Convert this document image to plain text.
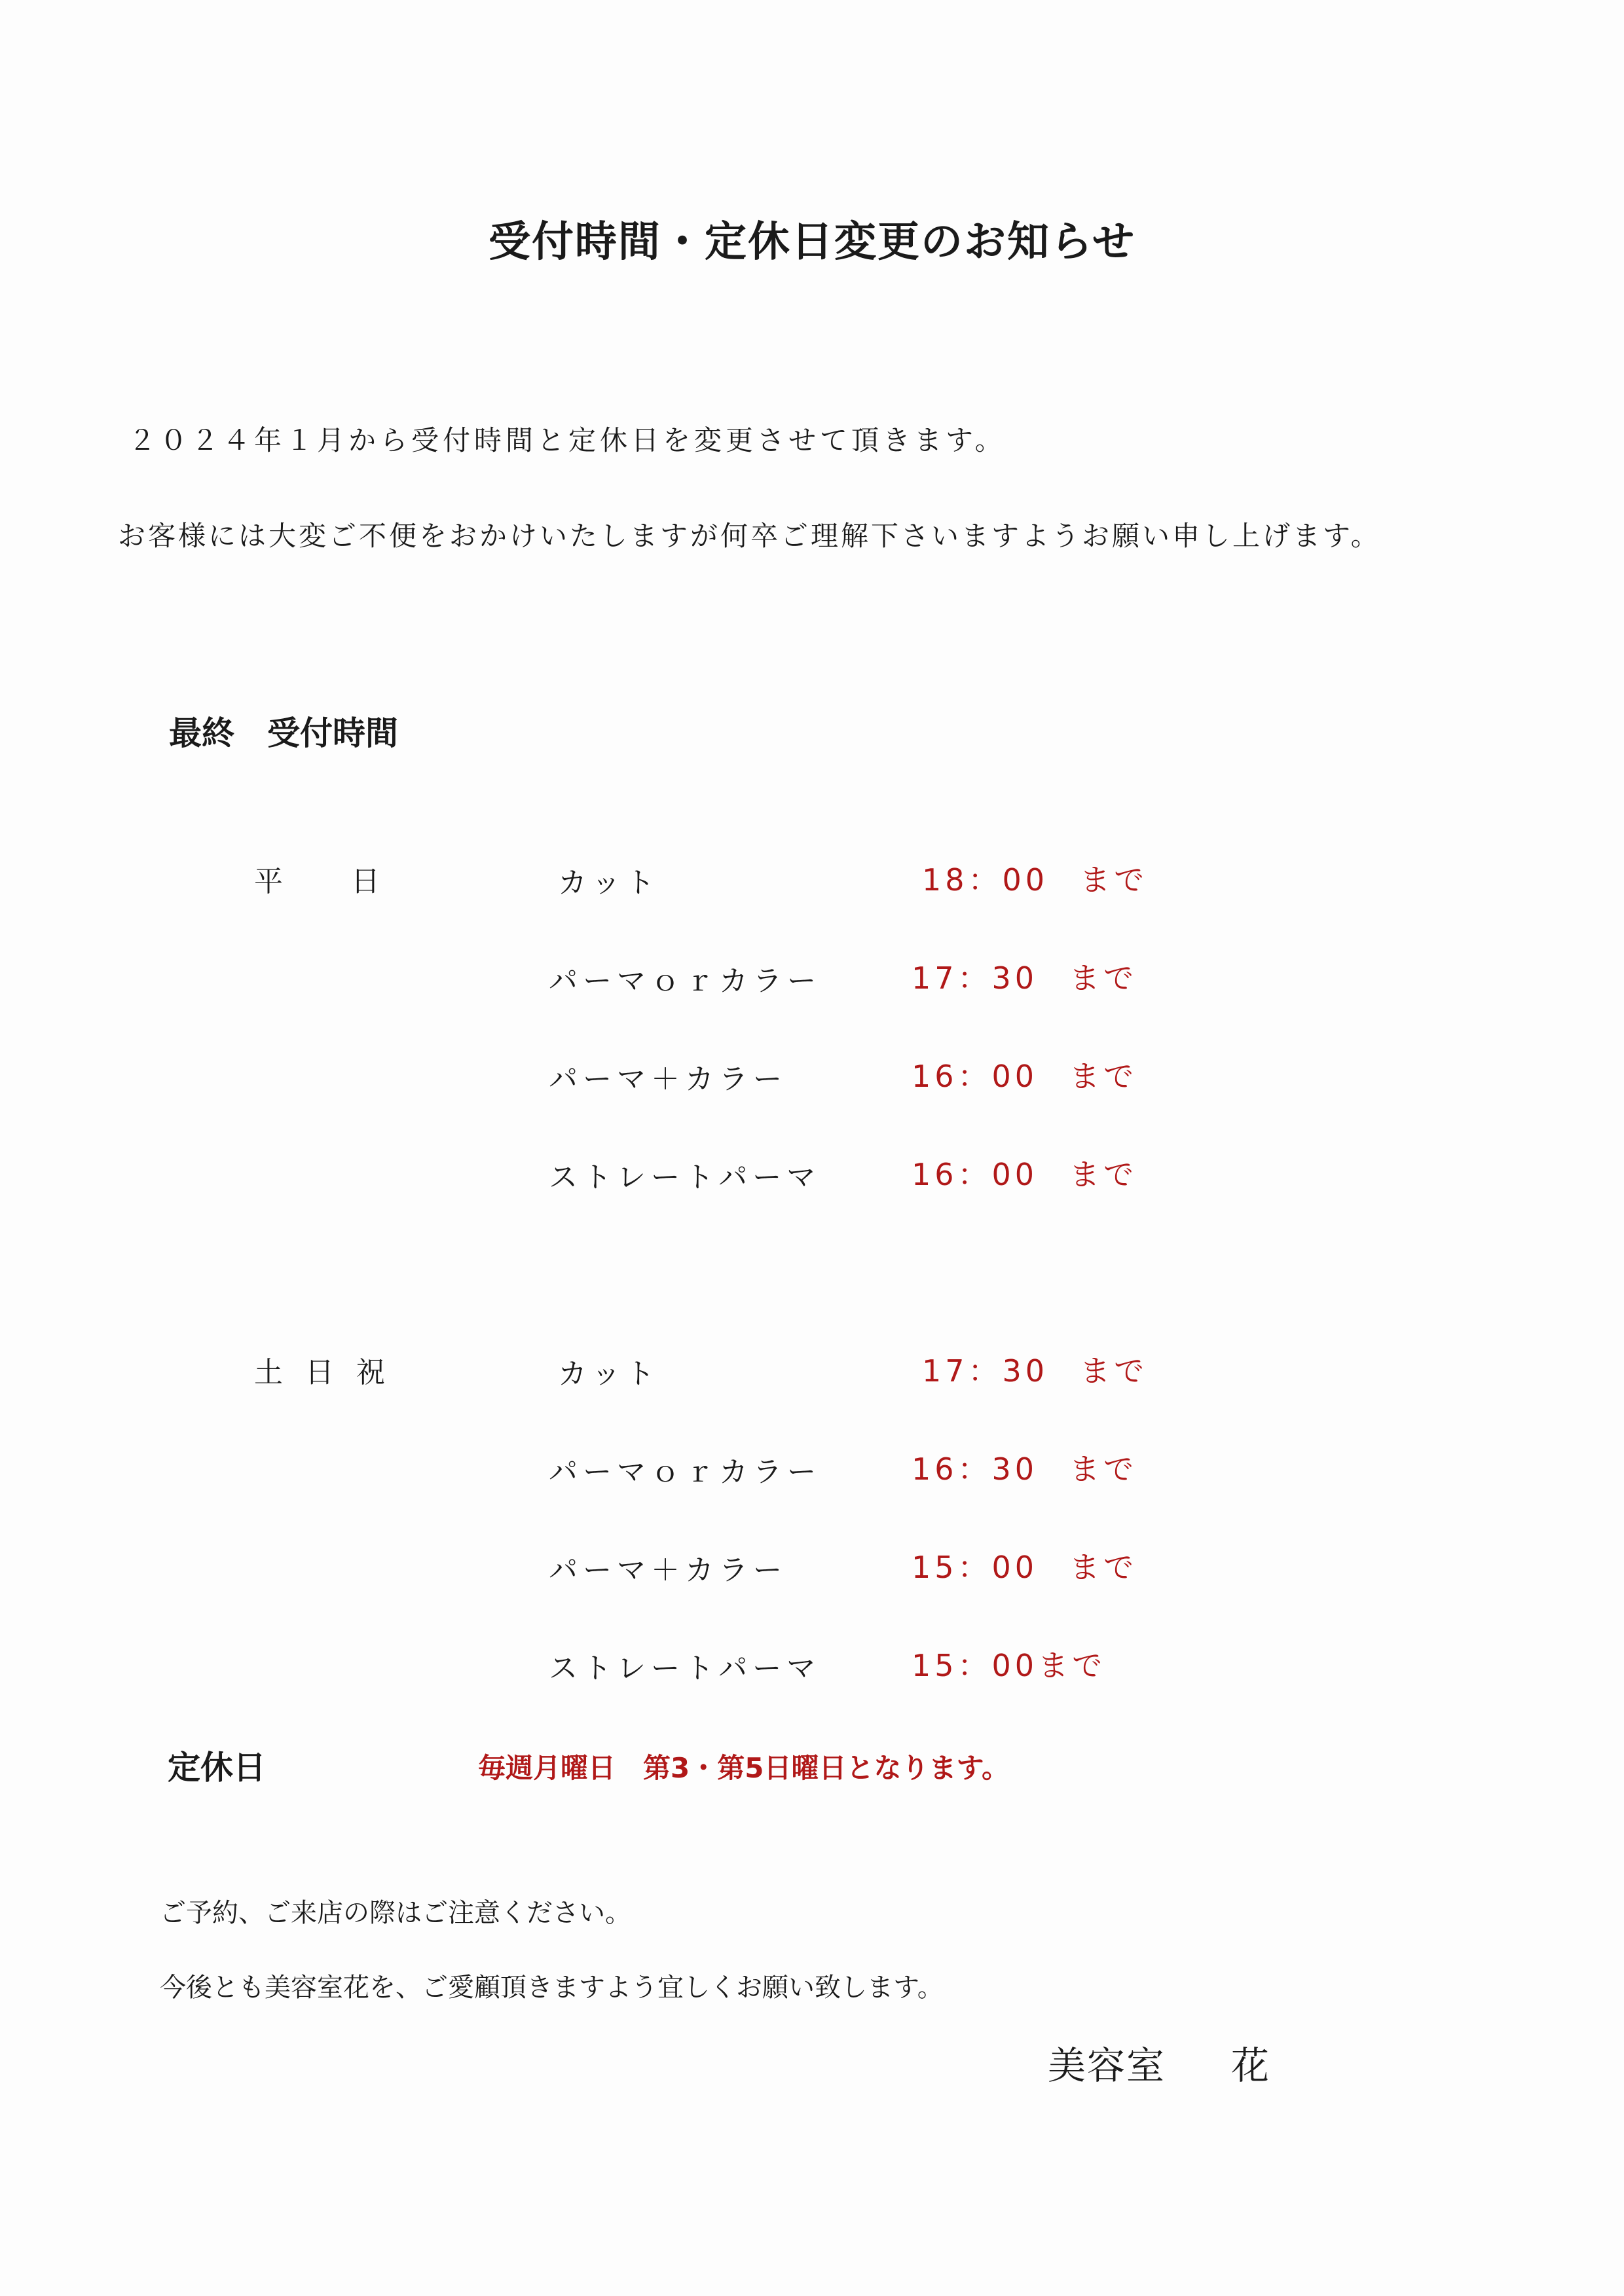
受付時間・定休日変更のお知らせ
２０２４年１月から受付時間と定休日を変更させて頂きます。
お客様には大変ご不便をおかけいたしますが何卒ご理解下さいますようお願い申し上げます。
最終　受付時間
平　日	カット	18：00 まで
パーマｏｒカラー	17：30 まで
パーマ＋カラー	16：00 まで
ストレートパーマ	16：00 まで
土 日 祝	カット	17：30 まで
パーマｏｒカラー	16：30 まで
パーマ＋カラー	15：00 まで
ストレートパーマ	15：00まで
定休日	毎週月曜日　第3・第5日曜日となります。
ご予約、ご来店の際はご注意ください。
今後とも美容室花を、ご愛顧頂きますよう宜しくお願い致します。
美容室 花
